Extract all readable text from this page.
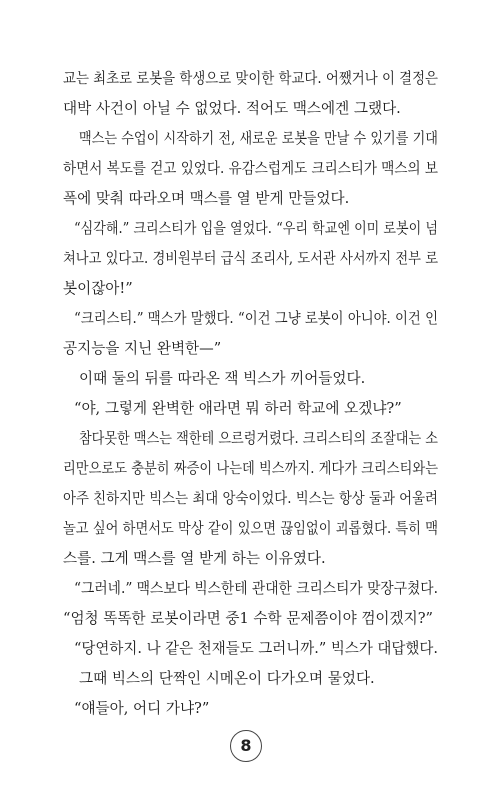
교는 최초로 로봇을 학생으로 맞이한 학교다. 어쨌거나 이 결정은
대박 사건이 아닐 수 없었다. 적어도 맥스에겐 그랬다.
맥스는 수업이 시작하기 전, 새로운 로봇을 만날 수 있기를 기대
하면서 복도를 걷고 있었다. 유감스럽게도 크리스티가 맥스의 보
폭에 맞춰 따라오며 맥스를 열 받게 만들었다.
“심각해.” 크리스티가 입을 열었다. “우리 학교엔 이미 로봇이 넘
쳐나고 있다고. 경비원부터 급식 조리사, 도서관 사서까지 전부 로
봇이잖아!”
“크리스티.” 맥스가 말했다. “이건 그냥 로봇이 아니야. 이건 인
공지능을 지닌 완벽한—”
이때 둘의 뒤를 따라온 잭 빅스가 끼어들었다.
“야, 그렇게 완벽한 애라면 뭐 하러 학교에 오겠냐?”
참다못한 맥스는 잭한테 으르렁거렸다. 크리스티의 조잘대는 소
리만으로도 충분히 짜증이 나는데 빅스까지. 게다가 크리스티와는
아주 친하지만 빅스는 최대 앙숙이었다. 빅스는 항상 둘과 어울려
놀고 싶어 하면서도 막상 같이 있으면 끊임없이 괴롭혔다. 특히 맥
스를. 그게 맥스를 열 받게 하는 이유였다.
“그러네.” 맥스보다 빅스한테 관대한 크리스티가 맞장구쳤다.
“엄청 똑똑한 로봇이라면 중1 수학 문제쯤이야 껌이겠지?”
“당연하지. 나 같은 천재들도 그러니까.” 빅스가 대답했다.
그때 빅스의 단짝인 시메온이 다가오며 물었다.
“얘들아, 어디 가냐?”
8
